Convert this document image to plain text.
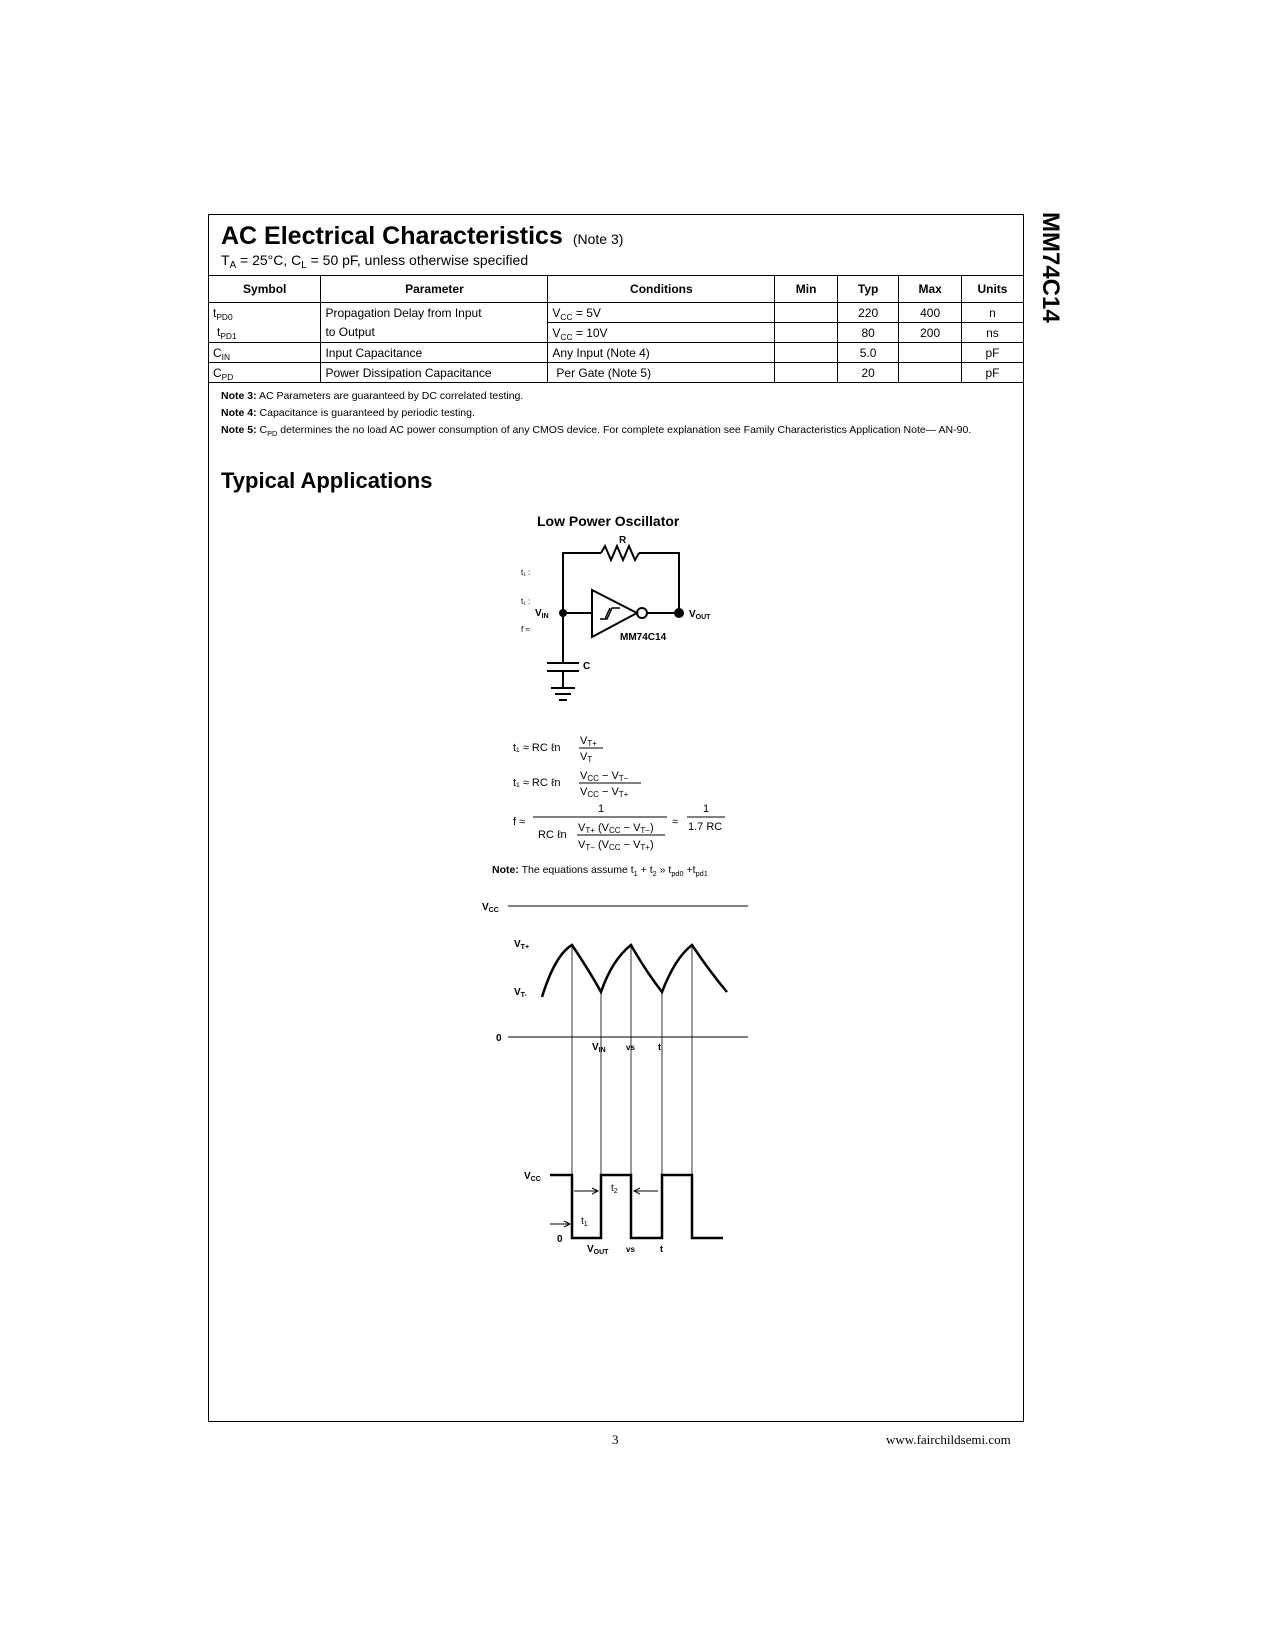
MM74C14
AC Electrical Characteristics (Note 3)
$T_A = 25^\circ C$, $C_L = 50$ pF, unless otherwise specified
Symbol	Parameter	Conditions	Min	Typ	Max	Units
$t_{PD0}$	Propagation Delay from Input	$V_{CC} = 5V$		220	400	n
$t_{PD1}$	to Output	$V_{CC} = 10V$		80	200	ns
$C_{IN}$	Input Capacitance	Any Input (Note 4)		5.0		pF
$C_{PD}$	Power Dissipation Capacitance	Per Gate (Note 5)		20		pF
Note 3: AC Parameters are guaranteed by DC correlated testing.
Note 4: Capacitance is guaranteed by periodic testing.
Note 5: $C_{PD}$ determines the no load AC power consumption of any CMOS device. For complete explanation see Family Characteristics Application Note— AN-90.
Typical Applications
Low Power Oscillator
R
C
$V_{IN}$	$V_{OUT}$
MM74C14
t₁ :
t₁ :
f ≈
t₁ ≈ RC ℓn
VT+
VT
t₁ ≈ RC ℓn
VCC − VT−
VCC − VT+
f ≈
1
RC ℓn
VT+ (VCC − VT−)
VT− (VCC − VT+)
≈
1
1.7 RC
$V_{CC}$
$V_{T+}$
$V_{T-}$
0
$V_{IN}$	vs	t
$V_{CC}$
$t_2$
$t_1$
0
$V_{OUT}$ vs	t
Note: The equations assume $t_1 + t_2$ » $t_{pd0} +t_{pd1}$
3	www.fairchildsemi.com
